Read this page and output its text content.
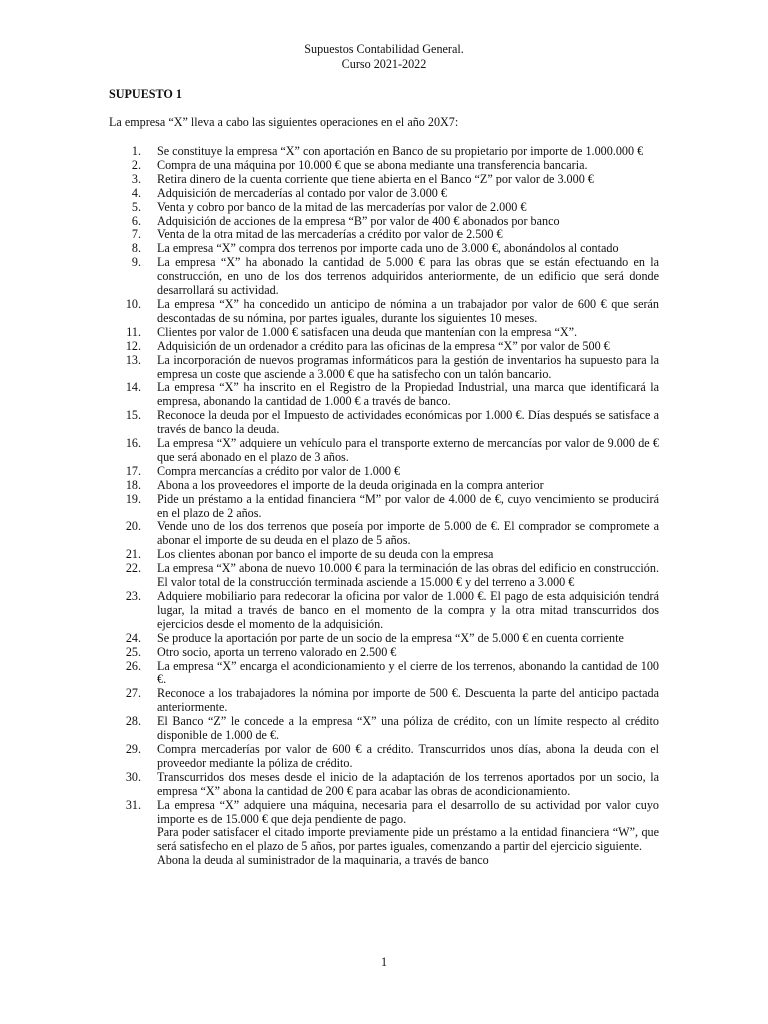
Supuestos Contabilidad General.
Curso 2021-2022
SUPUESTO 1
La empresa “X” lleva a cabo las siguientes operaciones en el año 20X7:
1. Se constituye la empresa “X” con aportación en Banco de su propietario por importe de 1.000.000 €
2. Compra de una máquina por 10.000 € que se abona mediante una transferencia bancaria.
3. Retira dinero de la cuenta corriente que tiene abierta en el Banco “Z” por valor de 3.000 €
4. Adquisición de mercaderías al contado por valor de 3.000 €
5. Venta y cobro por banco de la mitad de las mercaderías por valor de 2.000 €
6. Adquisición de acciones de la empresa “B” por valor de 400 € abonados por banco
7. Venta de la otra mitad de las mercaderías a crédito por valor de 2.500 €
8. La empresa “X” compra dos terrenos por importe cada uno de 3.000 €, abonándolos al contado
9. La empresa “X” ha abonado la cantidad de 5.000 € para las obras que se están efectuando en la construcción, en uno de los dos terrenos adquiridos anteriormente, de un edificio que será donde desarrollará su actividad.
10. La empresa “X” ha concedido un anticipo de nómina a un trabajador por valor de 600 € que serán descontadas de su nómina, por partes iguales, durante los siguientes 10 meses.
11. Clientes por valor de 1.000 € satisfacen una deuda que mantenían con la empresa “X”.
12. Adquisición de un ordenador a crédito para las oficinas de la empresa “X” por valor de 500 €
13. La incorporación de nuevos programas informáticos para la gestión de inventarios ha supuesto para la empresa un coste que asciende a 3.000 € que ha satisfecho con un talón bancario.
14. La empresa “X” ha inscrito en el Registro de la Propiedad Industrial, una marca que identificará la empresa, abonando la cantidad de 1.000 € a través de banco.
15. Reconoce la deuda por el Impuesto de actividades económicas por 1.000 €. Días después se satisface a través de banco la deuda.
16. La empresa “X” adquiere un vehículo para el transporte externo de mercancías por valor de 9.000 de € que será abonado en el plazo de 3 años.
17. Compra mercancías a crédito por valor de 1.000 €
18. Abona a los proveedores el importe de la deuda originada en la compra anterior
19. Pide un préstamo a la entidad financiera “M” por valor de 4.000 de €, cuyo vencimiento se producirá en el plazo de 2 años.
20. Vende uno de los dos terrenos que poseía por importe de 5.000 de €. El comprador se compromete a abonar el importe de su deuda en el plazo de 5 años.
21. Los clientes abonan por banco el importe de su deuda con la empresa
22. La empresa “X” abona de nuevo 10.000 € para la terminación de las obras del edificio en construcción. El valor total de la construcción terminada asciende a 15.000 € y del terreno a 3.000 €
23. Adquiere mobiliario para redecorar la oficina por valor de 1.000 €. El pago de esta adquisición tendrá lugar, la mitad a través de banco en el momento de la compra y la otra mitad transcurridos dos ejercicios desde el momento de la adquisición.
24. Se produce la aportación por parte de un socio de la empresa “X” de 5.000 € en cuenta corriente
25. Otro socio, aporta un terreno valorado en 2.500 €
26. La empresa “X” encarga el acondicionamiento y el cierre de los terrenos, abonando la cantidad de 100 €.
27. Reconoce a los trabajadores la nómina por importe de 500 €. Descuenta la parte del anticipo pactada anteriormente.
28. El Banco “Z” le concede a la empresa “X” una póliza de crédito, con un límite respecto al crédito disponible de 1.000 de €.
29. Compra mercaderías por valor de 600 € a crédito. Transcurridos unos días, abona la deuda con el proveedor mediante la póliza de crédito.
30. Transcurridos dos meses desde el inicio de la adaptación de los terrenos aportados por un socio, la empresa “X” abona la cantidad de 200 € para acabar las obras de acondicionamiento.
31. La empresa “X” adquiere una máquina, necesaria para el desarrollo de su actividad por valor cuyo importe es de 15.000 € que deja pendiente de pago.
Para poder satisfacer el citado importe previamente pide un préstamo a la entidad financiera “W”, que será satisfecho en el plazo de 5 años, por partes iguales, comenzando a partir del ejercicio siguiente.
Abona la deuda al suministrador de la maquinaria, a través de banco
1
